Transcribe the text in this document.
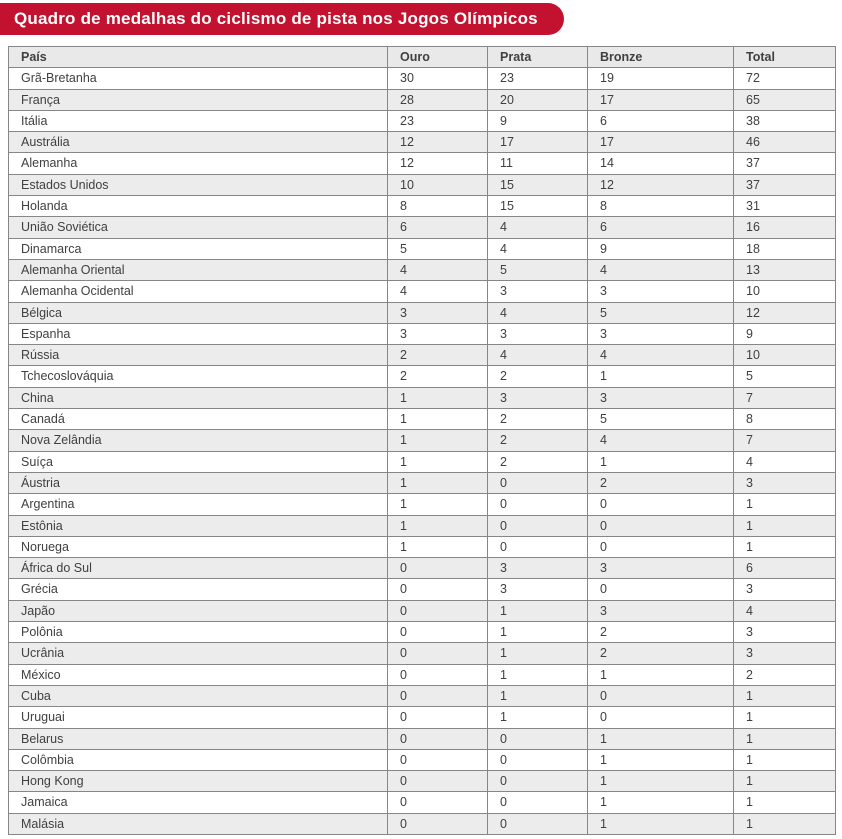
Quadro de medalhas do ciclismo de pista nos Jogos Olímpicos
País	Ouro	Prata	Bronze	Total
Grã-Bretanha	30	23	19	72
França	28	20	17	65
Itália	23	9	6	38
Austrália	12	17	17	46
Alemanha	12	11	14	37
Estados Unidos	10	15	12	37
Holanda	8	15	8	31
União Soviética	6	4	6	16
Dinamarca	5	4	9	18
Alemanha Oriental	4	5	4	13
Alemanha Ocidental	4	3	3	10
Bélgica	3	4	5	12
Espanha	3	3	3	9
Rússia	2	4	4	10
Tchecoslováquia	2	2	1	5
China	1	3	3	7
Canadá	1	2	5	8
Nova Zelândia	1	2	4	7
Suíça	1	2	1	4
Áustria	1	0	2	3
Argentina	1	0	0	1
Estônia	1	0	0	1
Noruega	1	0	0	1
África do Sul	0	3	3	6
Grécia	0	3	0	3
Japão	0	1	3	4
Polônia	0	1	2	3
Ucrânia	0	1	2	3
México	0	1	1	2
Cuba	0	1	0	1
Uruguai	0	1	0	1
Belarus	0	0	1	1
Colômbia	0	0	1	1
Hong Kong	0	0	1	1
Jamaica	0	0	1	1
Malásia	0	0	1	1
